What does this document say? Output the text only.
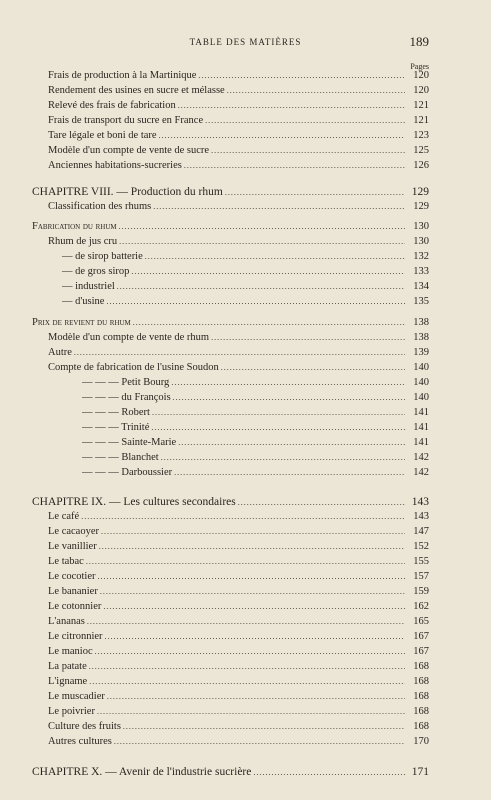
TABLE DES MATIÈRES	189
Pages
Frais de production à la Martinique .....	120
Rendement des usines en sucre et mélasse .....	120
Relevé des frais de fabrication .....	121
Frais de transport du sucre en France .....	121
Tare légale et boni de tare .....	123
Modèle d'un compte de vente de sucre .....	125
Anciennes habitations-sucreries .....	126
CHAPITRE VIII. — Production du rhum .....	129
Classification des rhums .....	129
Fabrication du rhum .....	130
Rhum de jus cru .....	130
— de sirop batterie .....	132
— de gros sirop .....	133
— industriel .....	134
— d'usine .....	135
Prix de revient du rhum .....	138
Modèle d'un compte de vente de rhum .....	138
Autre .....	139
Compte de fabrication de l'usine Soudon .....	140
— — — Petit Bourg .....	140
— — — du François .....	140
— — — Robert .....	141
— — — Trinité .....	141
— — — Sainte-Marie .....	141
— — — Blanchet .....	142
— — — Darboussier .....	142
CHAPITRE IX. — Les cultures secondaires .....	143
Le café .....	143
Le cacaoyer .....	147
Le vanillier .....	152
Le tabac .....	155
Le cocotier .....	157
Le bananier .....	159
Le cotonnier .....	162
L'ananas .....	165
Le citronnier .....	167
Le manioc .....	167
La patate .....	168
L'igname .....	168
Le muscadier .....	168
Le poivrier .....	168
Culture des fruits .....	168
Autres cultures .....	170
CHAPITRE X. — Avenir de l'industrie sucrière .....	171
